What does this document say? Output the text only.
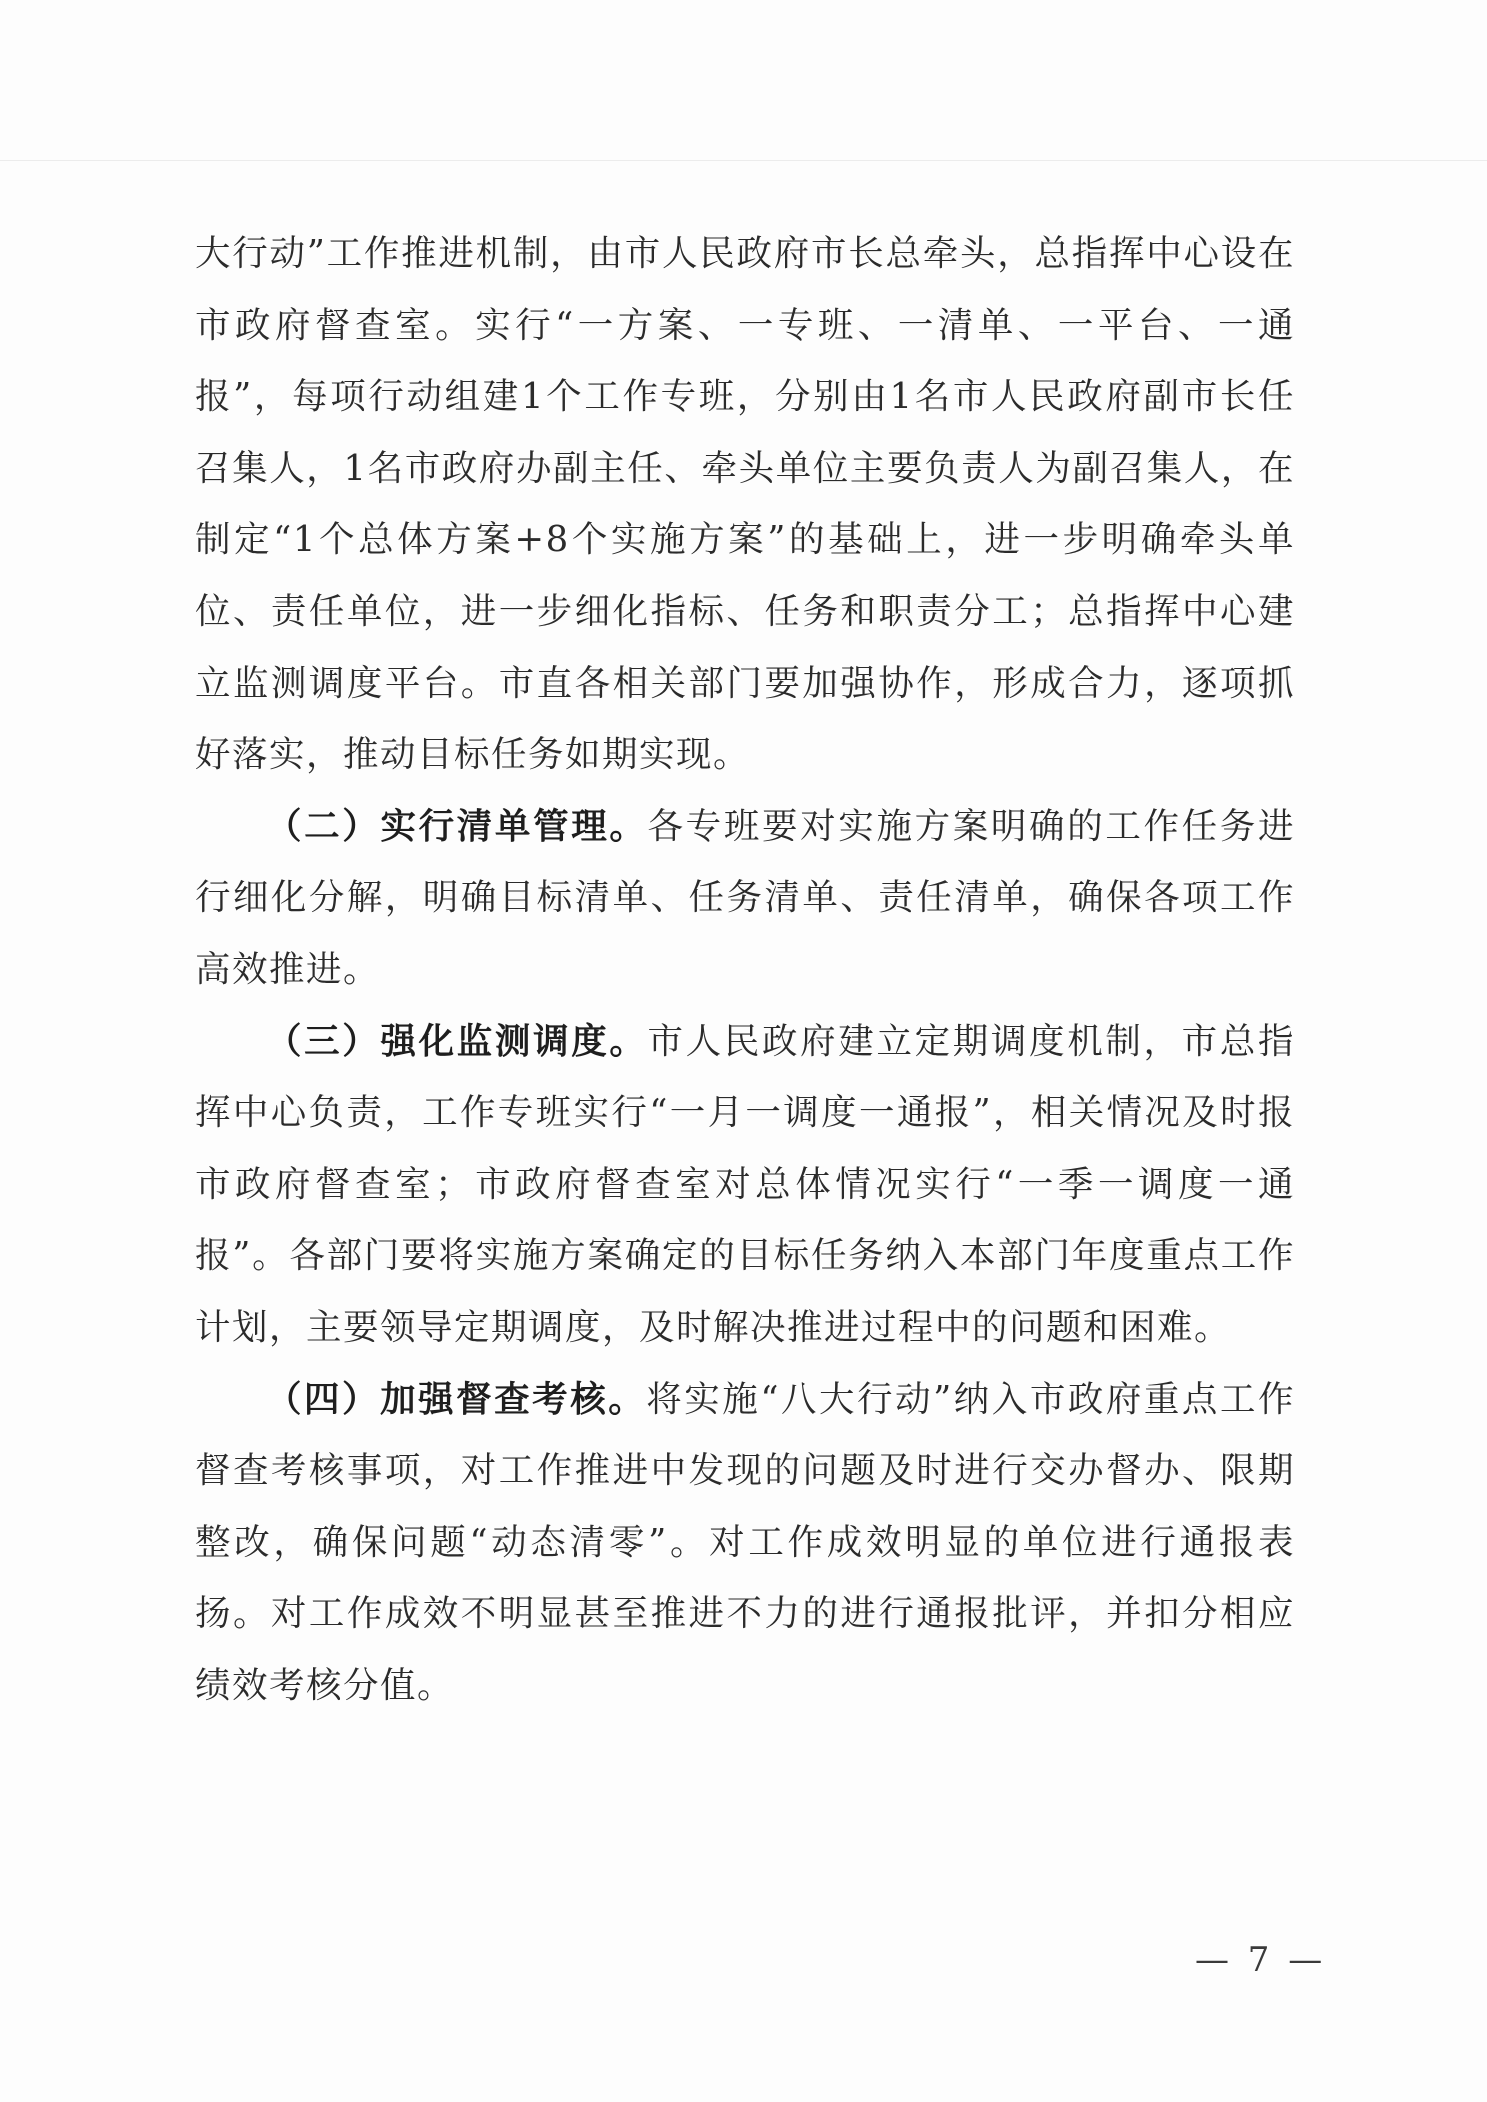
大行动”工作推进机制，由市人民政府市长总牵头，总指挥中心设在市政府督查室。实行“一方案、一专班、一清单、一平台、一通报”，每项行动组建1个工作专班，分别由1名市人民政府副市长任召集人，1名市政府办副主任、牵头单位主要负责人为副召集人，在制定“1个总体方案+8个实施方案”的基础上，进一步明确牵头单位、责任单位，进一步细化指标、任务和职责分工；总指挥中心建立监测调度平台。市直各相关部门要加强协作，形成合力，逐项抓好落实，推动目标任务如期实现。

（二）实行清单管理。各专班要对实施方案明确的工作任务进行细化分解，明确目标清单、任务清单、责任清单，确保各项工作高效推进。

（三）强化监测调度。市人民政府建立定期调度机制，市总指挥中心负责，工作专班实行“一月一调度一通报”，相关情况及时报市政府督查室；市政府督查室对总体情况实行“一季一调度一通报”。各部门要将实施方案确定的目标任务纳入本部门年度重点工作计划，主要领导定期调度，及时解决推进过程中的问题和困难。

（四）加强督查考核。将实施“八大行动”纳入市政府重点工作督查考核事项，对工作推进中发现的问题及时进行交办督办、限期整改，确保问题“动态清零”。对工作成效明显的单位进行通报表扬。对工作成效不明显甚至推进不力的进行通报批评，并扣分相应绩效考核分值。

— 7 —
